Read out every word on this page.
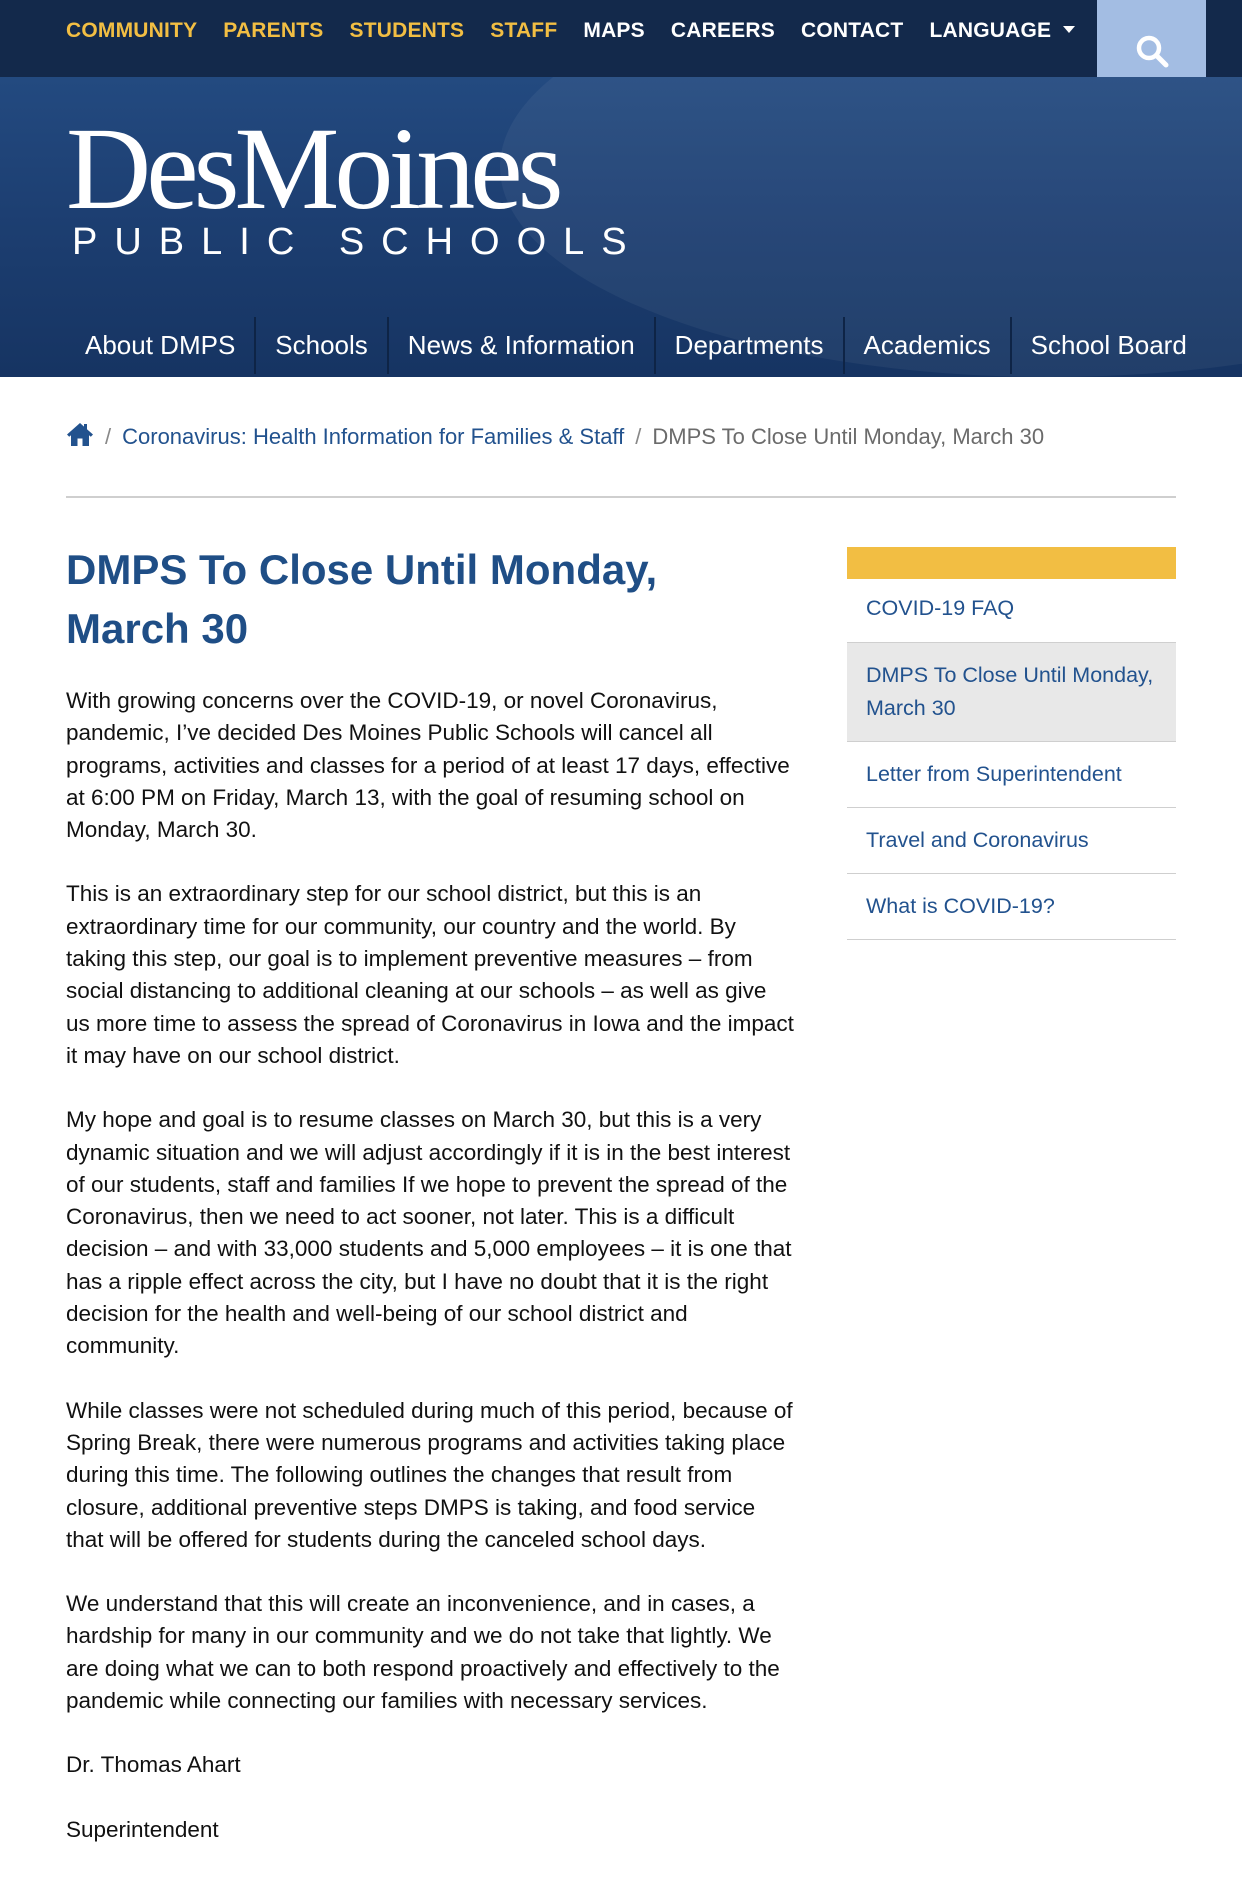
COMMUNITY PARENTS STUDENTS STAFF MAPS CAREERS CONTACT LANGUAGE
DesMoines
PUBLIC SCHOOLS
About DMPS	Schools	News & Information	Departments	Academics	School Board
/ Coronavirus: Health Information for Families & Staff / DMPS To Close Until Monday, March 30
DMPS To Close Until Monday, March 30

With growing concerns over the COVID-19, or novel Coronavirus, pandemic, I’ve decided Des Moines Public Schools will cancel all programs, activities and classes for a period of at least 17 days, effective at 6:00 PM on Friday, March 13, with the goal of resuming school on Monday, March 30.

This is an extraordinary step for our school district, but this is an extraordinary time for our community, our country and the world. By taking this step, our goal is to implement preventive measures – from social distancing to additional cleaning at our schools – as well as give us more time to assess the spread of Coronavirus in Iowa and the impact it may have on our school district.

My hope and goal is to resume classes on March 30, but this is a very dynamic situation and we will adjust accordingly if it is in the best interest of our students, staff and families If we hope to prevent the spread of the Coronavirus, then we need to act sooner, not later. This is a difficult decision – and with 33,000 students and 5,000 employees – it is one that has a ripple effect across the city, but I have no doubt that it is the right decision for the health and well-being of our school district and community.

While classes were not scheduled during much of this period, because of Spring Break, there were numerous programs and activities taking place during this time. The following outlines the changes that result from closure, additional preventive steps DMPS is taking, and food service that will be offered for students during the canceled school days.

We understand that this will create an inconvenience, and in cases, a hardship for many in our community and we do not take that lightly. We are doing what we can to both respond proactively and effectively to the pandemic while connecting our families with necessary services.

Dr. Thomas Ahart

Superintendent

COVID-19 FAQ
DMPS To Close Until Monday, March 30
Letter from Superintendent
Travel and Coronavirus
What is COVID-19?
